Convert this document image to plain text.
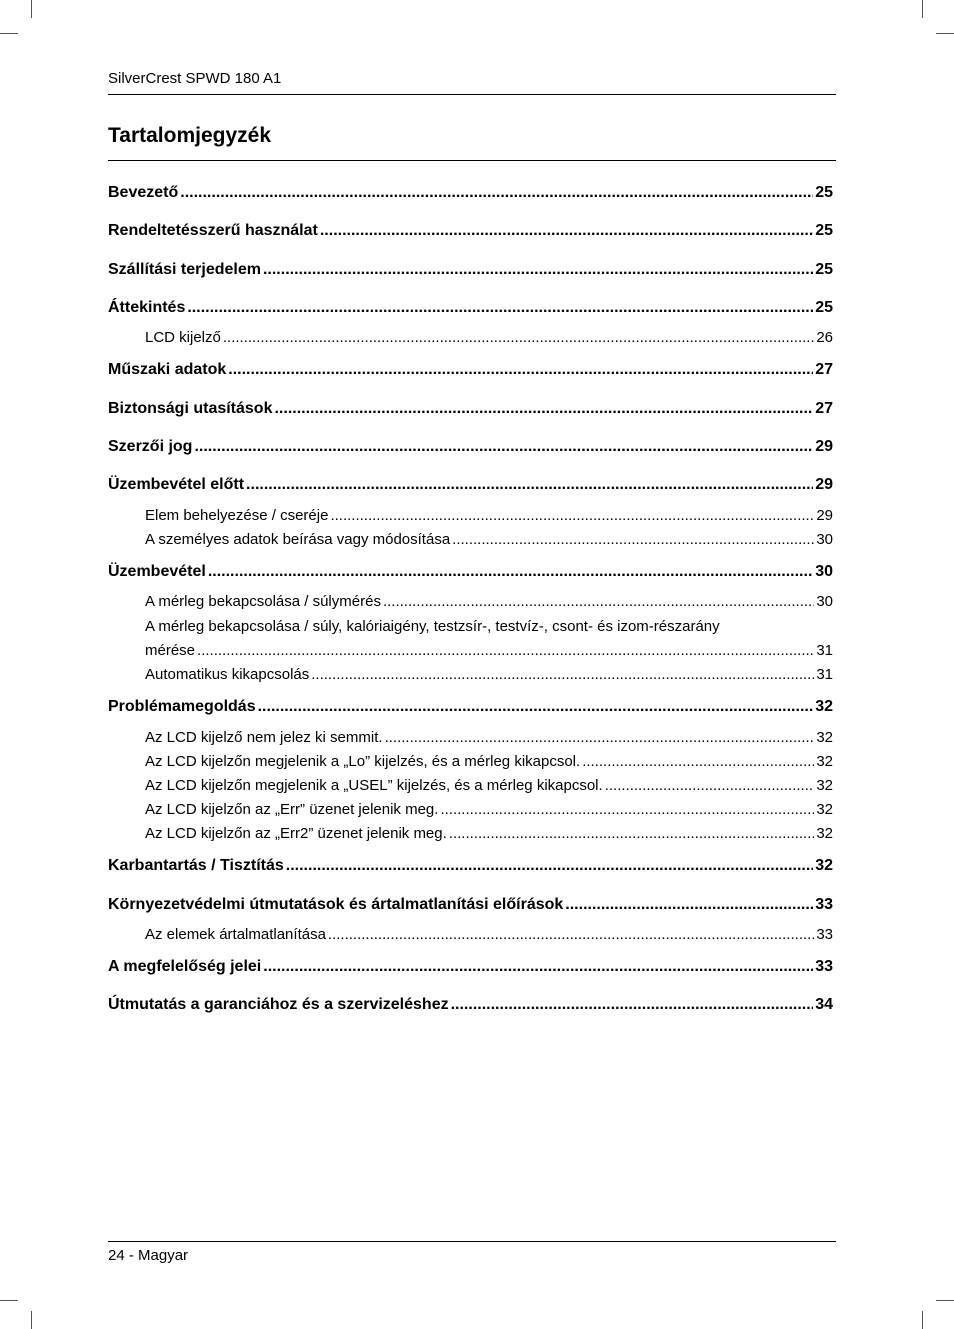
SilverCrest SPWD 180 A1
Tartalomjegyzék
Bevezető .....	25
Rendeltetésszerű használat .....	25
Szállítási terjedelem .....	25
Áttekintés .....	25
LCD kijelző .....	26
Műszaki adatok .....	27
Biztonsági utasítások .....	27
Szerzői jog .....	29
Üzembevétel előtt .....	29
Elem behelyezése / cseréje .....	29
A személyes adatok beírása vagy módosítása .....	30
Üzembevétel .....	30
A mérleg bekapcsolása / súlymérés .....	30
A mérleg bekapcsolása / súly, kalóriaigény, testzsír-, testvíz-, csont- és izom-részarány
mérése .....	31
Automatikus kikapcsolás .....	31
Problémamegoldás .....	32
Az LCD kijelző nem jelez ki semmit. .....	32
Az LCD kijelzőn megjelenik a „Lo” kijelzés, és a mérleg kikapcsol. .....	32
Az LCD kijelzőn megjelenik a „USEL” kijelzés, és a mérleg kikapcsol. .....	32
Az LCD kijelzőn az „Err” üzenet jelenik meg. .....	32
Az LCD kijelzőn az „Err2” üzenet jelenik meg. .....	32
Karbantartás / Tisztítás .....	32
Környezetvédelmi útmutatások és ártalmatlanítási előírások .....	33
Az elemek ártalmatlanítása .....	33
A megfelelőség jelei .....	33
Útmutatás a garanciához és a szervizeléshez .....	34
24 - Magyar
